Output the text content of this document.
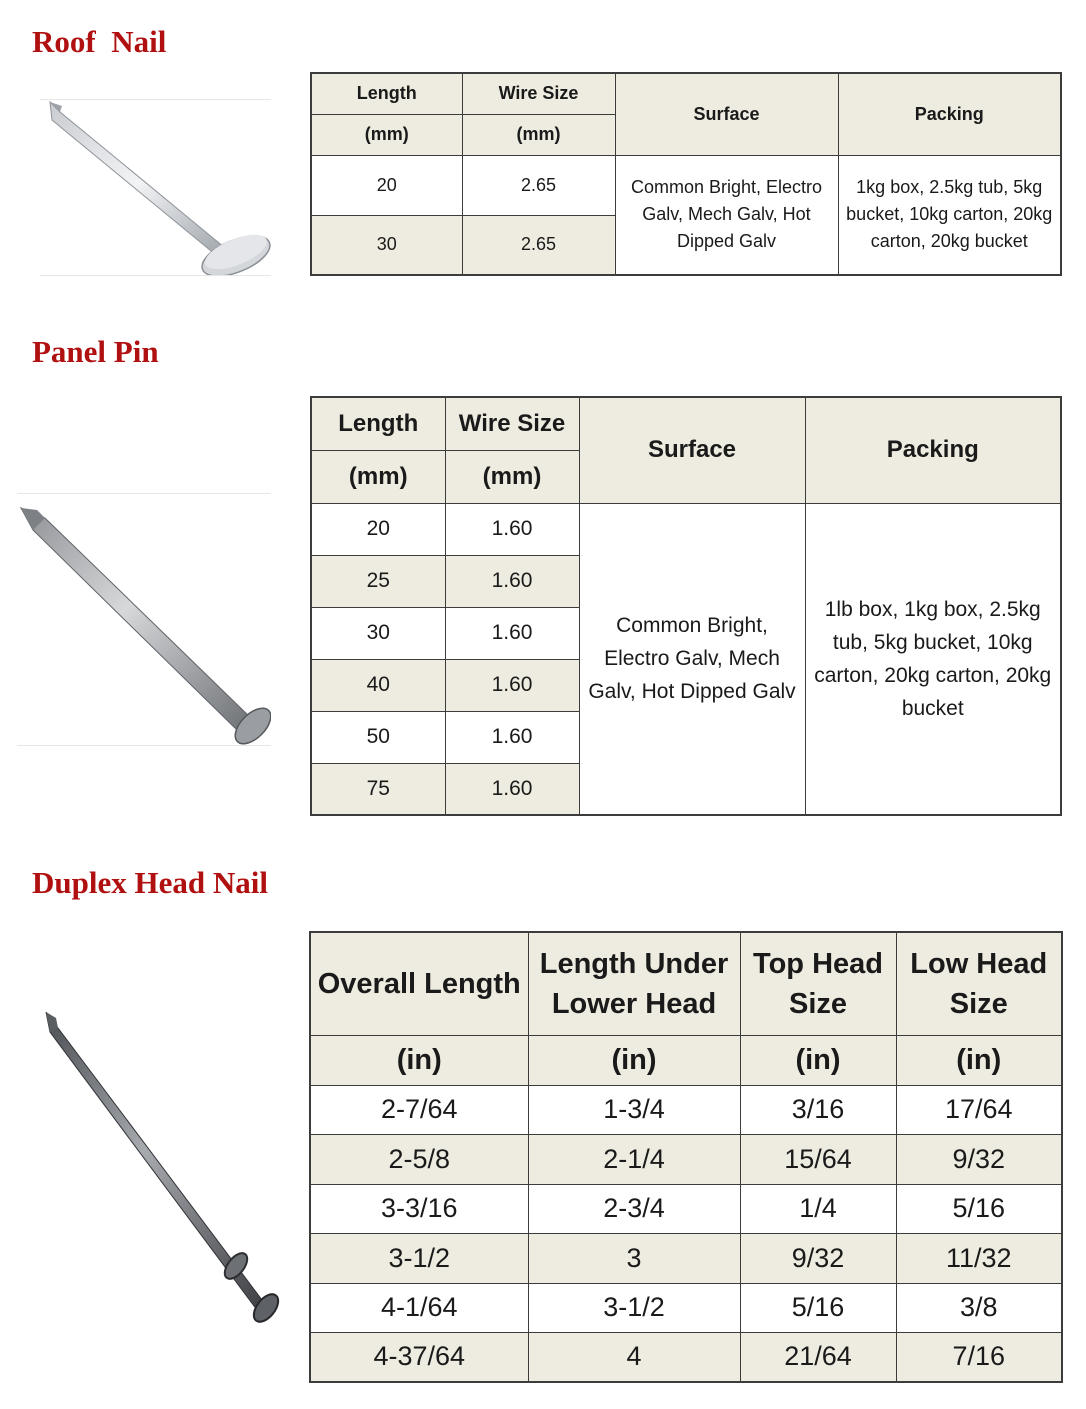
Roof  Nail
Length	Wire Size	Surface	Packing
(mm)	(mm)		
20	2.65	Common Bright, Electro Galv, Mech Galv, Hot Dipped Galv	1kg box, 2.5kg tub, 5kg bucket, 10kg carton, 20kg carton, 20kg bucket
30	2.65		
Panel Pin
Length	Wire Size	Surface	Packing
(mm)	(mm)		
20	1.60	Common Bright, Electro Galv, Mech Galv, Hot Dipped Galv	1lb box, 1kg box, 2.5kg tub, 5kg bucket, 10kg carton, 20kg carton, 20kg bucket
25	1.60		
30	1.60		
40	1.60		
50	1.60		
75	1.60		
Duplex Head Nail
Overall Length	Length Under Lower Head	Top Head Size	Low Head Size
(in)	(in)	(in)	(in)
2-7/64	1-3/4	3/16	17/64
2-5/8	2-1/4	15/64	9/32
3-3/16	2-3/4	1/4	5/16
3-1/2	3	9/32	11/32
4-1/64	3-1/2	5/16	3/8
4-37/64	4	21/64	7/16
